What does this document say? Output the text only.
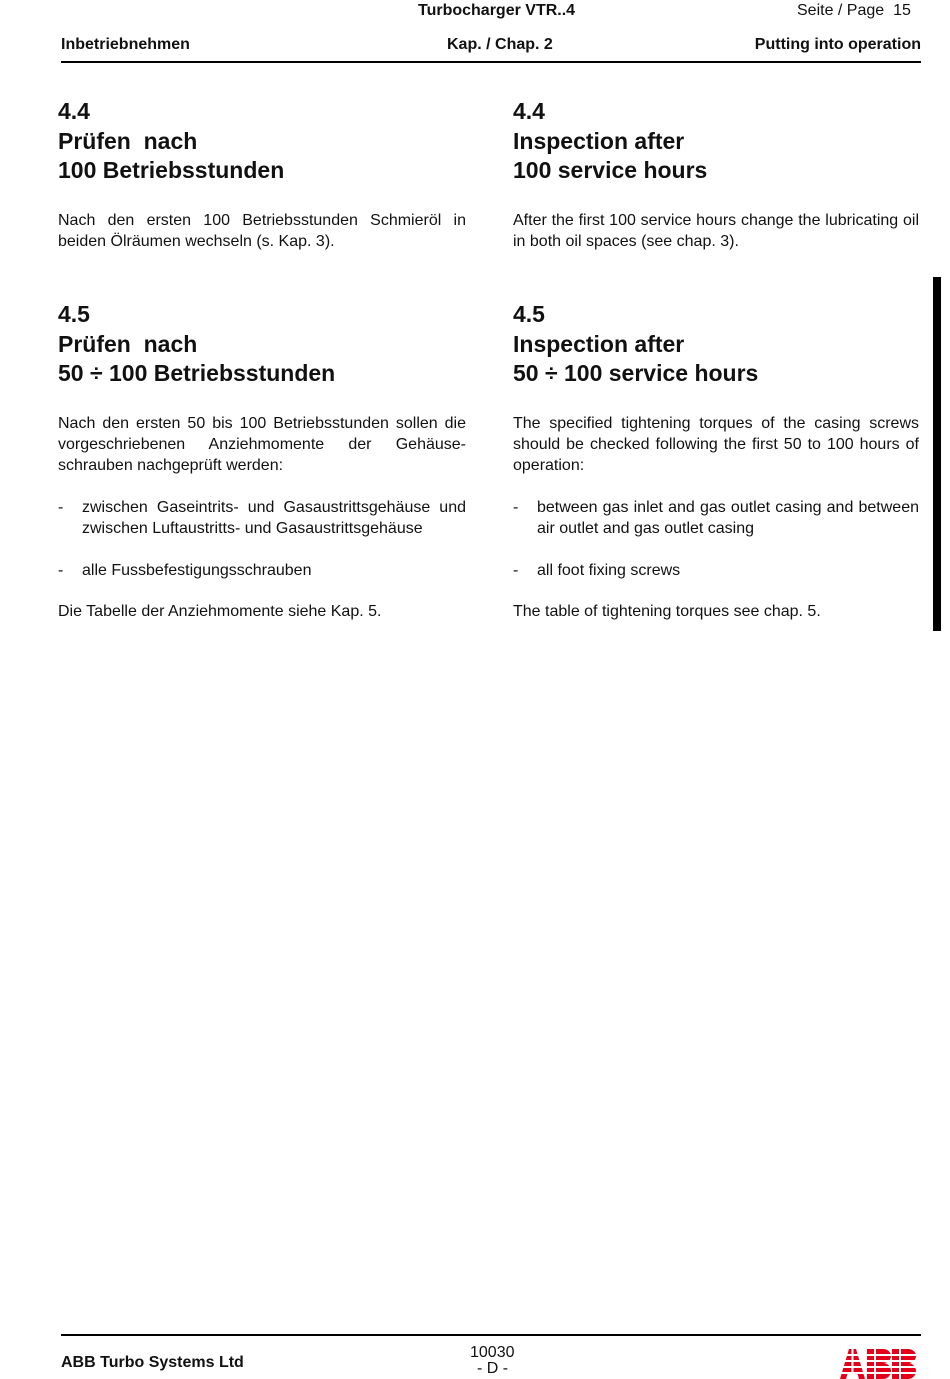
Turbocharger VTR..4	Seite / Page  15
Inbetriebnehmen	Kap. / Chap. 2	Putting into operation
4.4
Prüfen  nach
100 Betriebsstunden

Nach den ersten 100 Betriebsstunden Schmieröl in beiden Ölräumen wechseln (s. Kap. 3).

4.4
Inspection after
100 service hours

After the first 100 service hours change the lubricating oil in both oil spaces (see chap. 3).

4.5
Prüfen  nach
50 ÷ 100 Betriebsstunden

Nach den ersten 50 bis 100 Betriebsstunden sollen die vorgeschriebenen Anziehmomente der Gehäuse-schrauben nachgeprüft werden:

- zwischen Gaseintrits- und Gasaustrittsgehäuse und zwischen Luftaustritts- und Gasaustrittsgehäuse
- alle Fussbefestigungsschrauben

Die Tabelle der Anziehmomente siehe Kap. 5.

4.5
Inspection after
50 ÷ 100 service hours

The specified tightening torques of the casing screws should be checked following the first 50 to 100 hours of operation:

- between gas inlet and gas outlet casing and between air outlet and gas outlet casing
- all foot fixing screws

The table of tightening torques see chap. 5.

ABB Turbo Systems Ltd
10030
- D -
